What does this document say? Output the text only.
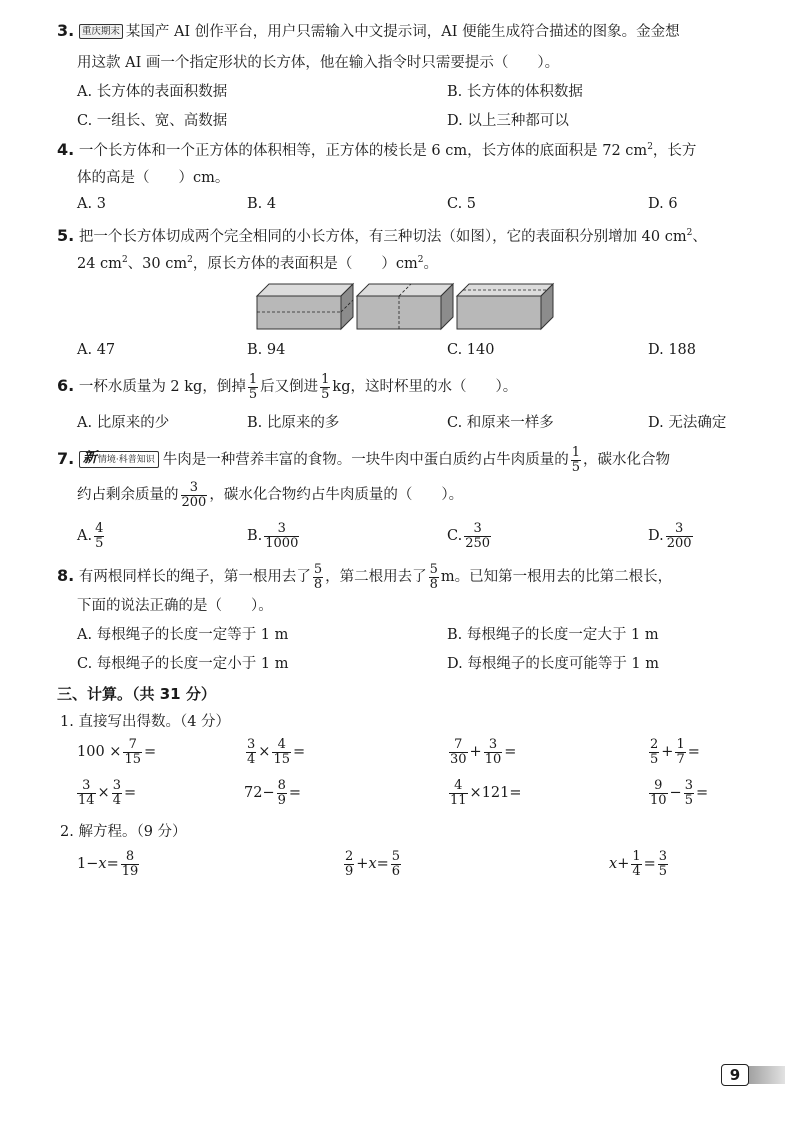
3. 重庆期末 某国产 AI 创作平台，用户只需输入中文提示词，AI 便能生成符合描述的图象。金金想
用这款 AI 画一个指定形状的长方体，他在输入指令时只需要提示（　　）。
A. 长方体的表面积数据	B. 长方体的体积数据
C. 一组长、宽、高数据	D. 以上三种都可以
4. 一个长方体和一个正方体的体积相等，正方体的棱长是 6 cm，长方体的底面积是 72 $cm^2$，长方
体的高是（　　）cm。
A. 3	B. 4	C. 5	D. 6
5. 把一个长方体切成两个完全相同的小长方体，有三种切法（如图），它的表面积分别增加 40 $cm^2$、
24 $cm^2$、30 $cm^2$，原长方体的表面积是（　　）$cm^2$。
A. 47	B. 94	C. 140	D. 188
6. 一杯水质量为 2 kg，倒掉 $\frac{1}{5}$ 后又倒进 $\frac{1}{5}$ kg，这时杯里的水（　　）。
A. 比原来的少	B. 比原来的多	C. 和原来一样多	D. 无法确定
7. 新情境·科普知识 牛肉是一种营养丰富的食物。一块牛肉中蛋白质约占牛肉质量的 $\frac{1}{5}$ ，碳水化合物
约占剩余质量的 $\frac{3}{200}$ ，碳水化合物约占牛肉质量的（　　）。
A. $\frac{4}{5}$	B. $\frac{3}{1000}$	C. $\frac{3}{250}$	D. $\frac{3}{200}$
8. 有两根同样长的绳子，第一根用去了 $\frac{5}{8}$ ，第二根用去了 $\frac{5}{8}$ m。已知第一根用去的比第二根长，
下面的说法正确的是（　　）。
A. 每根绳子的长度一定等于 1 m	B. 每根绳子的长度一定大于 1 m
C. 每根绳子的长度一定小于 1 m	D. 每根绳子的长度可能等于 1 m
三、计算。（共 31 分）
1. 直接写出得数。（4 分）
$100 \times \frac{7}{15}$ =	$\frac{3}{4} \times \frac{4}{15}$ =	$\frac{7}{30} + \frac{3}{10}$ =	$\frac{2}{5} + \frac{1}{7}$ =
$\frac{3}{14} \times \frac{3}{4}$ =	$72- \frac{8}{9}$ =	$\frac{4}{11} \times 121=$	$\frac{9}{10} - \frac{3}{5}$ =
2. 解方程。（9 分）
$1-x= \frac{8}{19}$	$\frac{2}{9} +x= \frac{5}{6}$	$x+ \frac{1}{4} = \frac{3}{5}$
9
